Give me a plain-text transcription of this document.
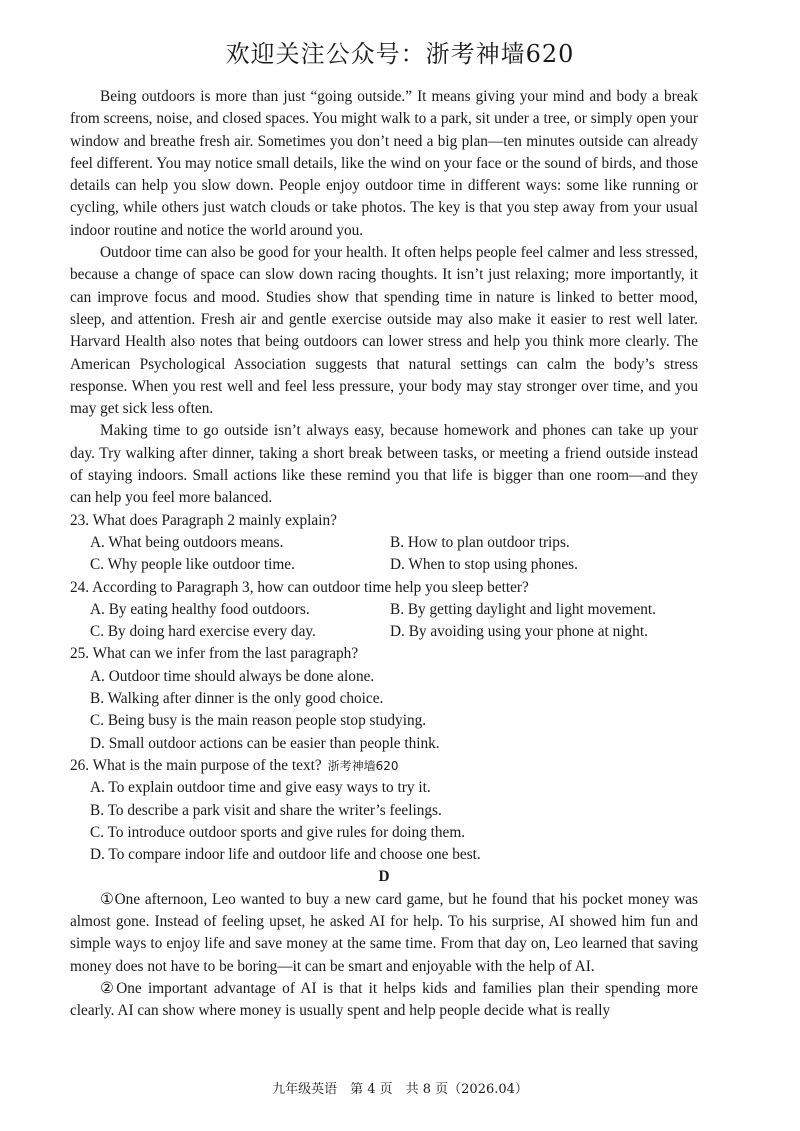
欢迎关注公众号：浙考神墙620

Being outdoors is more than just “going outside.” It means giving your mind and body a break from screens, noise, and closed spaces. You might walk to a park, sit under a tree, or simply open your window and breathe fresh air. Sometimes you don’t need a big plan—ten minutes outside can already feel different. You may notice small details, like the wind on your face or the sound of birds, and those details can help you slow down. People enjoy outdoor time in different ways: some like running or cycling, while others just watch clouds or take photos. The key is that you step away from your usual indoor routine and notice the world around you.

Outdoor time can also be good for your health. It often helps people feel calmer and less stressed, because a change of space can slow down racing thoughts. It isn’t just relaxing; more importantly, it can improve focus and mood. Studies show that spending time in nature is linked to better mood, sleep, and attention. Fresh air and gentle exercise outside may also make it easier to rest well later. Harvard Health also notes that being outdoors can lower stress and help you think more clearly. The American Psychological Association suggests that natural settings can calm the body’s stress response. When you rest well and feel less pressure, your body may stay stronger over time, and you may get sick less often.

Making time to go outside isn’t always easy, because homework and phones can take up your day. Try walking after dinner, taking a short break between tasks, or meeting a friend outside instead of staying indoors. Small actions like these remind you that life is bigger than one room—and they can help you feel more balanced.

23. What does Paragraph 2 mainly explain?
A. What being outdoors means.	B. How to plan outdoor trips.
C. Why people like outdoor time.	D. When to stop using phones.
24. According to Paragraph 3, how can outdoor time help you sleep better?
A. By eating healthy food outdoors.	B. By getting daylight and light movement.
C. By doing hard exercise every day.	D. By avoiding using your phone at night.
25. What can we infer from the last paragraph?
A. Outdoor time should always be done alone.
B. Walking after dinner is the only good choice.
C. Being busy is the main reason people stop studying.
D. Small outdoor actions can be easier than people think.
26. What is the main purpose of the text? 浙考神墙620
A. To explain outdoor time and give easy ways to try it.
B. To describe a park visit and share the writer’s feelings.
C. To introduce outdoor sports and give rules for doing them.
D. To compare indoor life and outdoor life and choose one best.
D

①One afternoon, Leo wanted to buy a new card game, but he found that his pocket money was almost gone. Instead of feeling upset, he asked AI for help. To his surprise, AI showed him fun and simple ways to enjoy life and save money at the same time. From that day on, Leo learned that saving money does not have to be boring—it can be smart and enjoyable with the help of AI.

②One important advantage of AI is that it helps kids and families plan their spending more clearly. AI can show where money is usually spent and help people decide what is really

九年级英语　第 4 页　共 8 页（2026.04）
